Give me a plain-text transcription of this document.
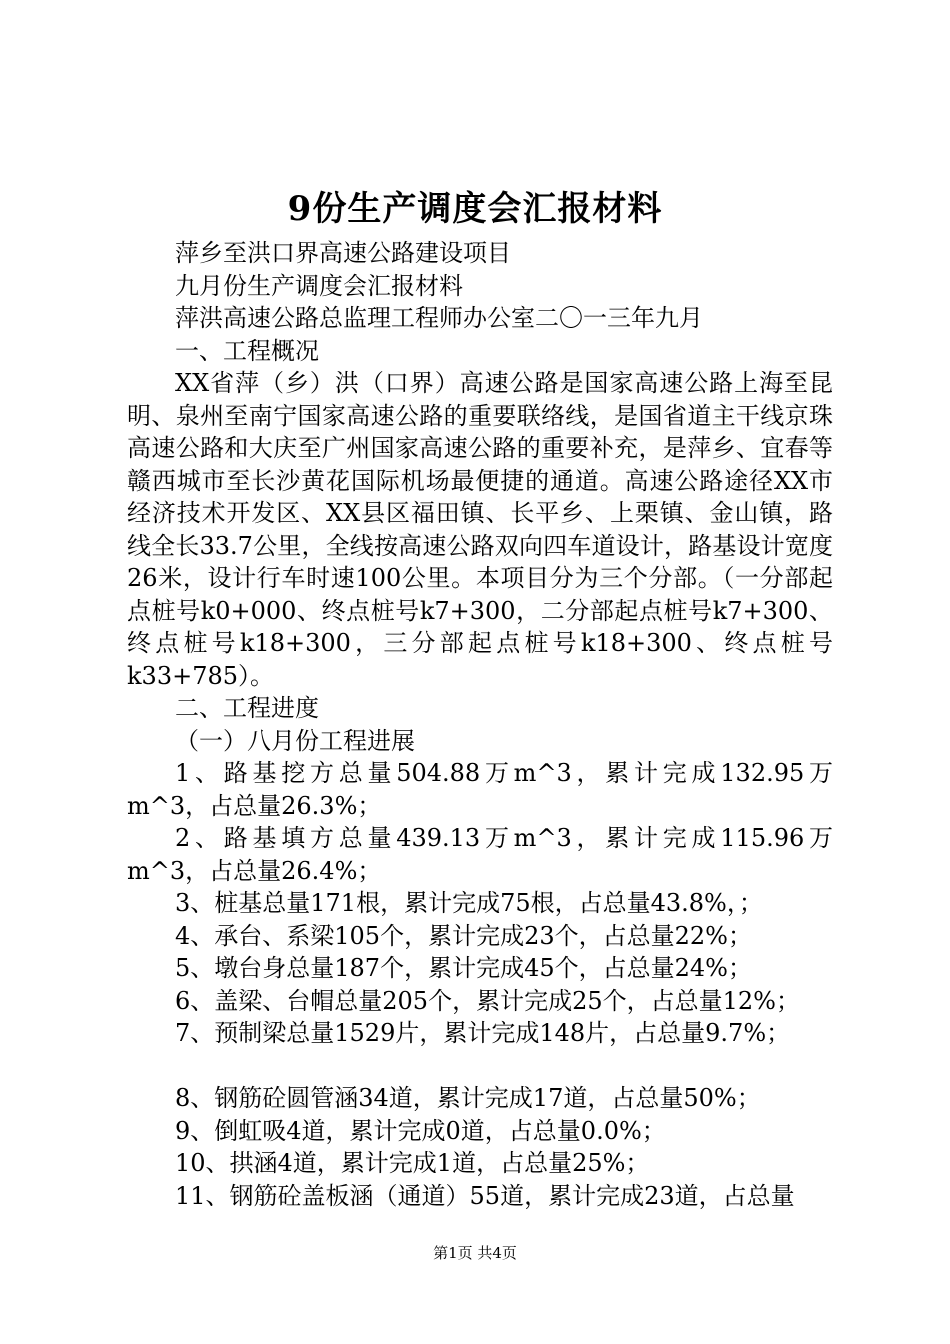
9份生产调度会汇报材料

萍乡至洪口界高速公路建设项目

九月份生产调度会汇报材料

萍洪高速公路总监理工程师办公室二〇一三年九月

一、工程概况

XX省萍（乡）洪（口界）高速公路是国家高速公路上海至昆明、泉州至南宁国家高速公路的重要联络线，是国省道主干线京珠高速公路和大庆至广州国家高速公路的重要补充，是萍乡、宜春等赣西城市至长沙黄花国际机场最便捷的通道。高速公路途径XX市经济技术开发区、XX县区福田镇、长平乡、上栗镇、金山镇，路线全长33.7公里，全线按高速公路双向四车道设计，路基设计宽度26米，设计行车时速100公里。本项目分为三个分部。（一分部起点桩号k0+000、终点桩号k7+300，二分部起点桩号k7+300、终点桩号k18+300，三分部起点桩号k18+300、终点桩号k33+785）。

二、工程进度

（一）八月份工程进展

1、路基挖方总量504.88万m^3，累计完成132.95万m^3，占总量26.3%；

2、路基填方总量439.13万m^3，累计完成115.96万m^3，占总量26.4%；

3、桩基总量171根，累计完成75根，占总量43.8%，；

4、承台、系梁105个，累计完成23个，占总量22%；

5、墩台身总量187个，累计完成45个，占总量24%；

6、盖梁、台帽总量205个，累计完成25个，占总量12%；

7、预制梁总量1529片，累计完成148片，占总量9.7%；

8、钢筋砼圆管涵34道，累计完成17道，占总量50%；

9、倒虹吸4道，累计完成0道，占总量0.0%；

10、拱涵4道，累计完成1道，占总量25%；

11、钢筋砼盖板涵（通道）55道，累计完成23道，占总量

第1页 共4页
